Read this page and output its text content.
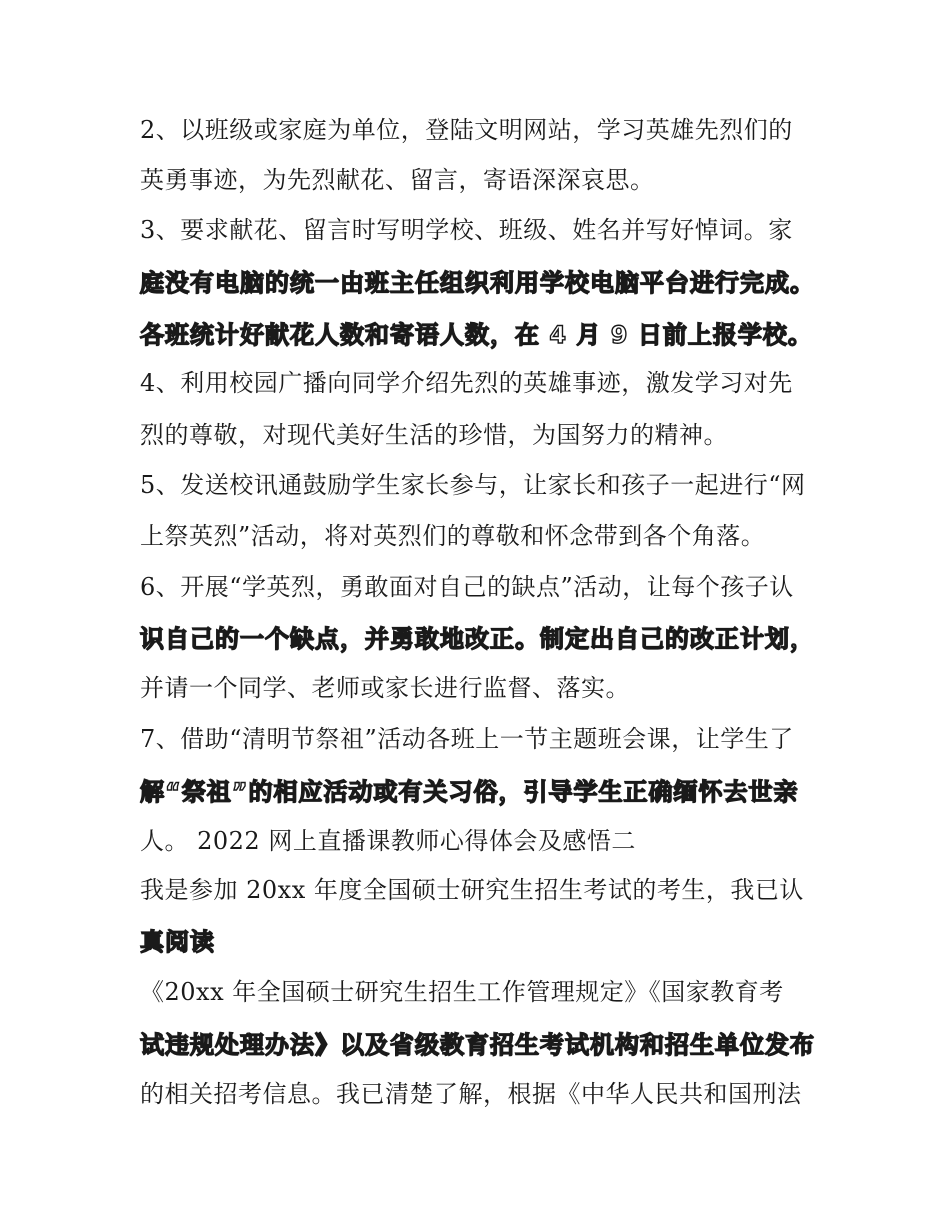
2、以班级或家庭为单位，登陆文明网站，学习英雄先烈们的
英勇事迹，为先烈献花、留言，寄语深深哀思。
3、要求献花、留言时写明学校、班级、姓名并写好悼词。家
庭没有电脑的统一由班主任组织利用学校电脑平台进行完成。
各班统计好献花人数和寄语人数，在 4 月 9 日前上报学校。
4、利用校园广播向同学介绍先烈的英雄事迹，激发学习对先
烈的尊敬，对现代美好生活的珍惜，为国努力的精神。
5、发送校讯通鼓励学生家长参与，让家长和孩子一起进行“网
上祭英烈”活动，将对英烈们的尊敬和怀念带到各个角落。
6、开展“学英烈，勇敢面对自己的缺点”活动，让每个孩子认
识自己的一个缺点，并勇敢地改正。制定出自己的改正计划，
并请一个同学、老师或家长进行监督、落实。
7、借助“清明节祭祖”活动各班上一节主题班会课，让学生了
解“祭祖”的相应活动或有关习俗，引导学生正确缅怀去世亲
人。 2022 网上直播课教师心得体会及感悟二
我是参加 20xx 年度全国硕士研究生招生考试的考生，我已认
真阅读
《20xx 年全国硕士研究生招生工作管理规定》《国家教育考
试违规处理办法》以及省级教育招生考试机构和招生单位发布
的相关招考信息。我已清楚了解，根据《中华人民共和国刑法
